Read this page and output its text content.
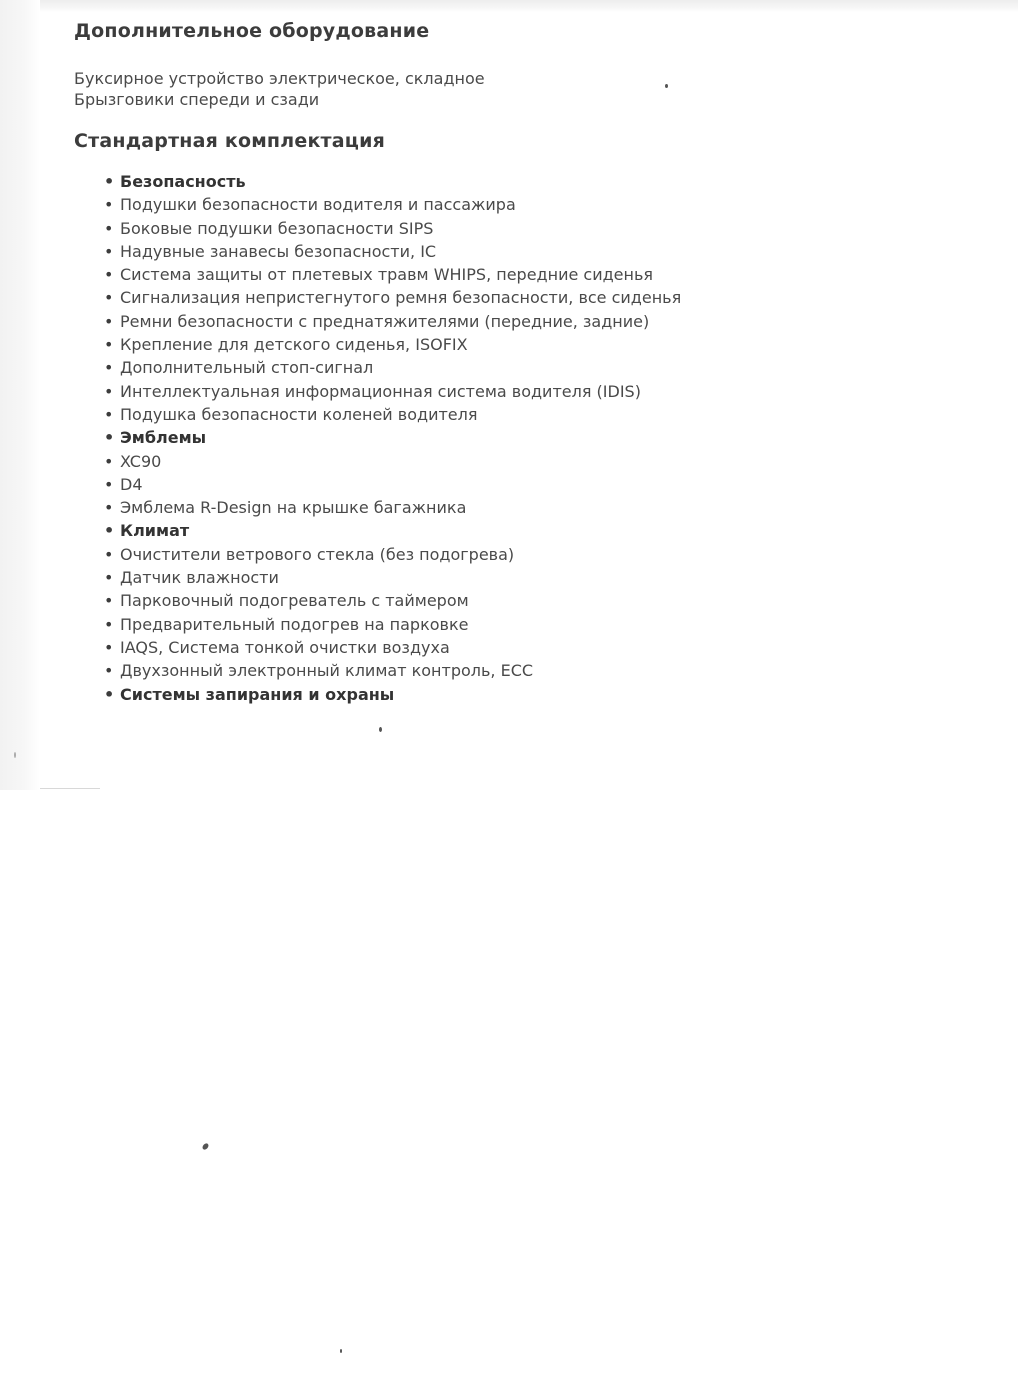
Дополнительное оборудование
Буксирное устройство электрическое, складное
Брызговики спереди и сзади
Стандартная комплектация
• Безопасность
• Подушки безопасности водителя и пассажира
• Боковые подушки безопасности SIPS
• Надувные занавесы безопасности, IC
• Система защиты от плетевых травм WHIPS, передние сиденья
• Сигнализация непристегнутого ремня безопасности, все сиденья
• Ремни безопасности с преднатяжителями (передние, задние)
• Крепление для детского сиденья, ISOFIX
• Дополнительный стоп-сигнал
• Интеллектуальная информационная система водителя (IDIS)
• Подушка безопасности коленей водителя
• Эмблемы
• XC90
• D4
• Эмблема R-Design на крышке багажника
• Климат
• Очистители ветрового стекла (без подогрева)
• Датчик влажности
• Парковочный подогреватель с таймером
• Предварительный подогрев на парковке
• IAQS, Система тонкой очистки воздуха
• Двухзонный электронный климат контроль, ECC
• Системы запирания и охраны
